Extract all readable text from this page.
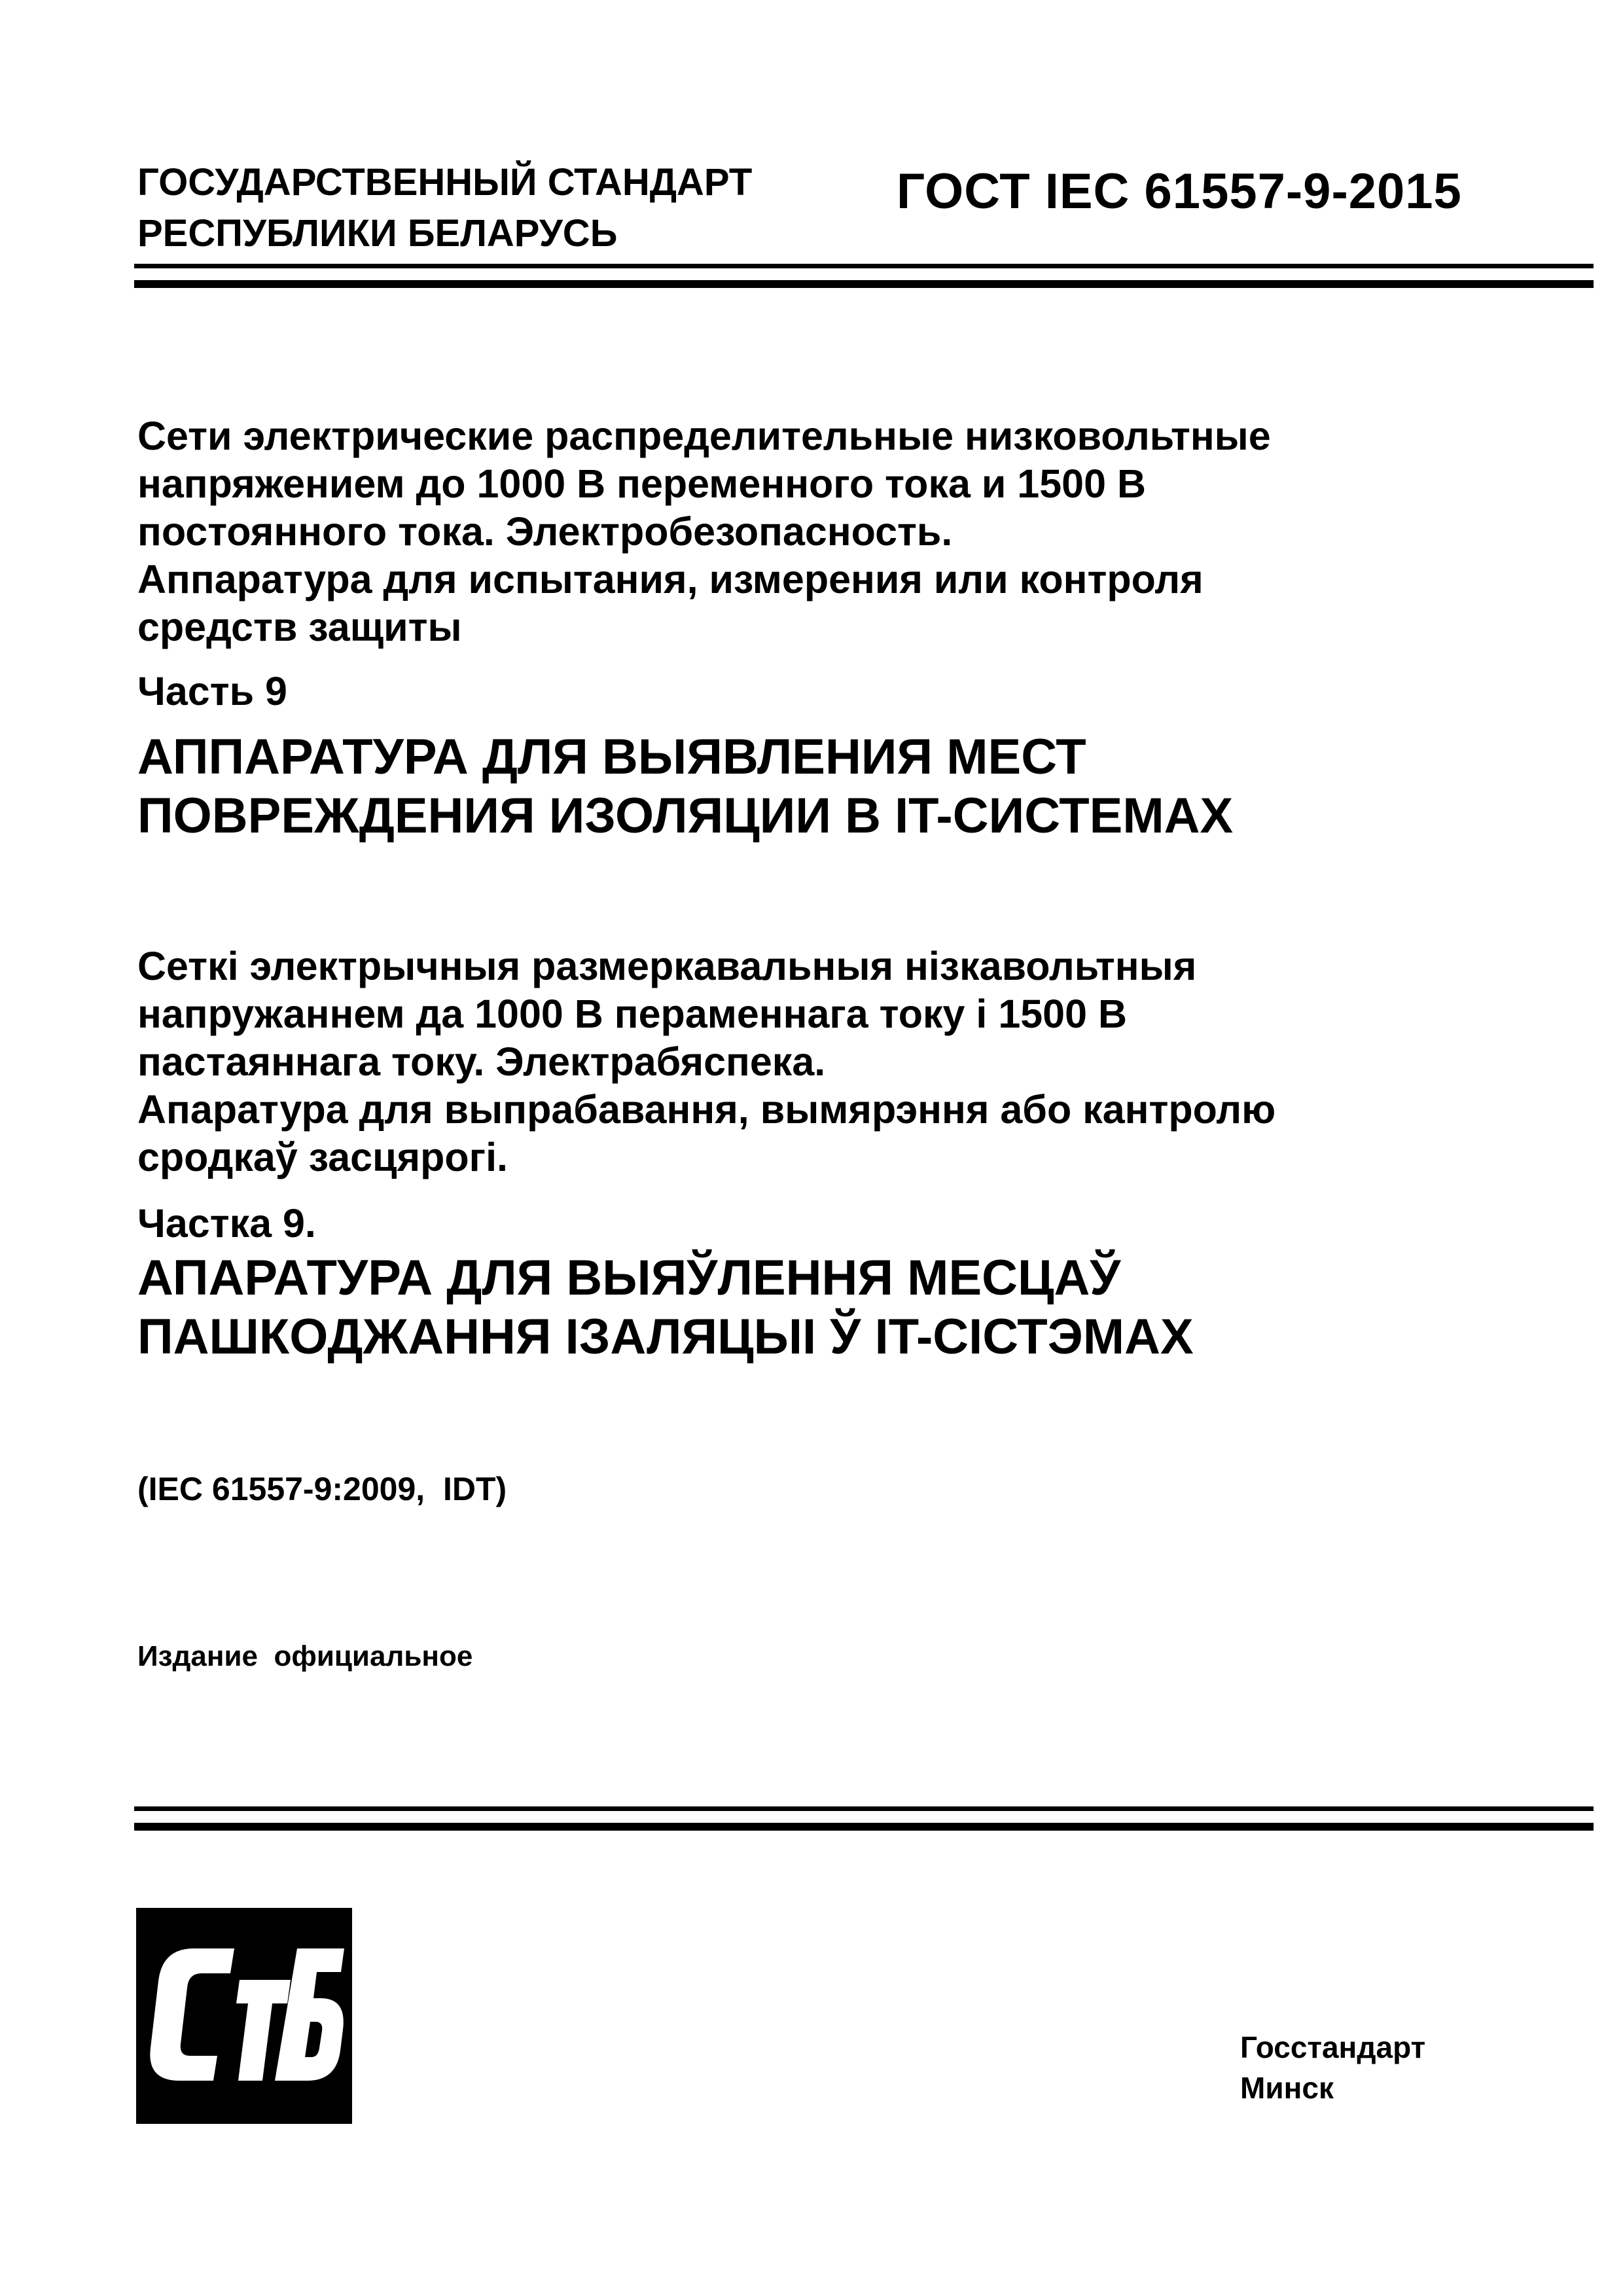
ГОСУДАРСТВЕННЫЙ СТАНДАРТ
РЕСПУБЛИКИ БЕЛАРУСЬ
ГОСТ IEC 61557-9-2015

Сети электрические распределительные низковольтные
напряжением до 1000 В переменного тока и 1500 В
постоянного тока. Электробезопасность.
Аппаратура для испытания, измерения или контроля
средств защиты

Часть 9

АППАРАТУРА ДЛЯ ВЫЯВЛЕНИЯ МЕСТ
ПОВРЕЖДЕНИЯ ИЗОЛЯЦИИ В IT-СИСТЕМАХ

Сеткі электрычныя размеркавальныя нізкавольтныя
напружаннем да 1000 В пераменнага току і 1500 В
пастаяннага току. Электрабяспека.
Апаратура для выпрабавання, вымярэння або кантролю
сродкаў засцярогі.

Частка 9.

АПАРАТУРА ДЛЯ ВЫЯЎЛЕННЯ МЕСЦАЎ
ПАШКОДЖАННЯ ІЗАЛЯЦЫІ Ў IT-СІСТЭМАХ

(IEC 61557-9:2009,  IDT)
Издание  официальное
Госстандарт
Минск
